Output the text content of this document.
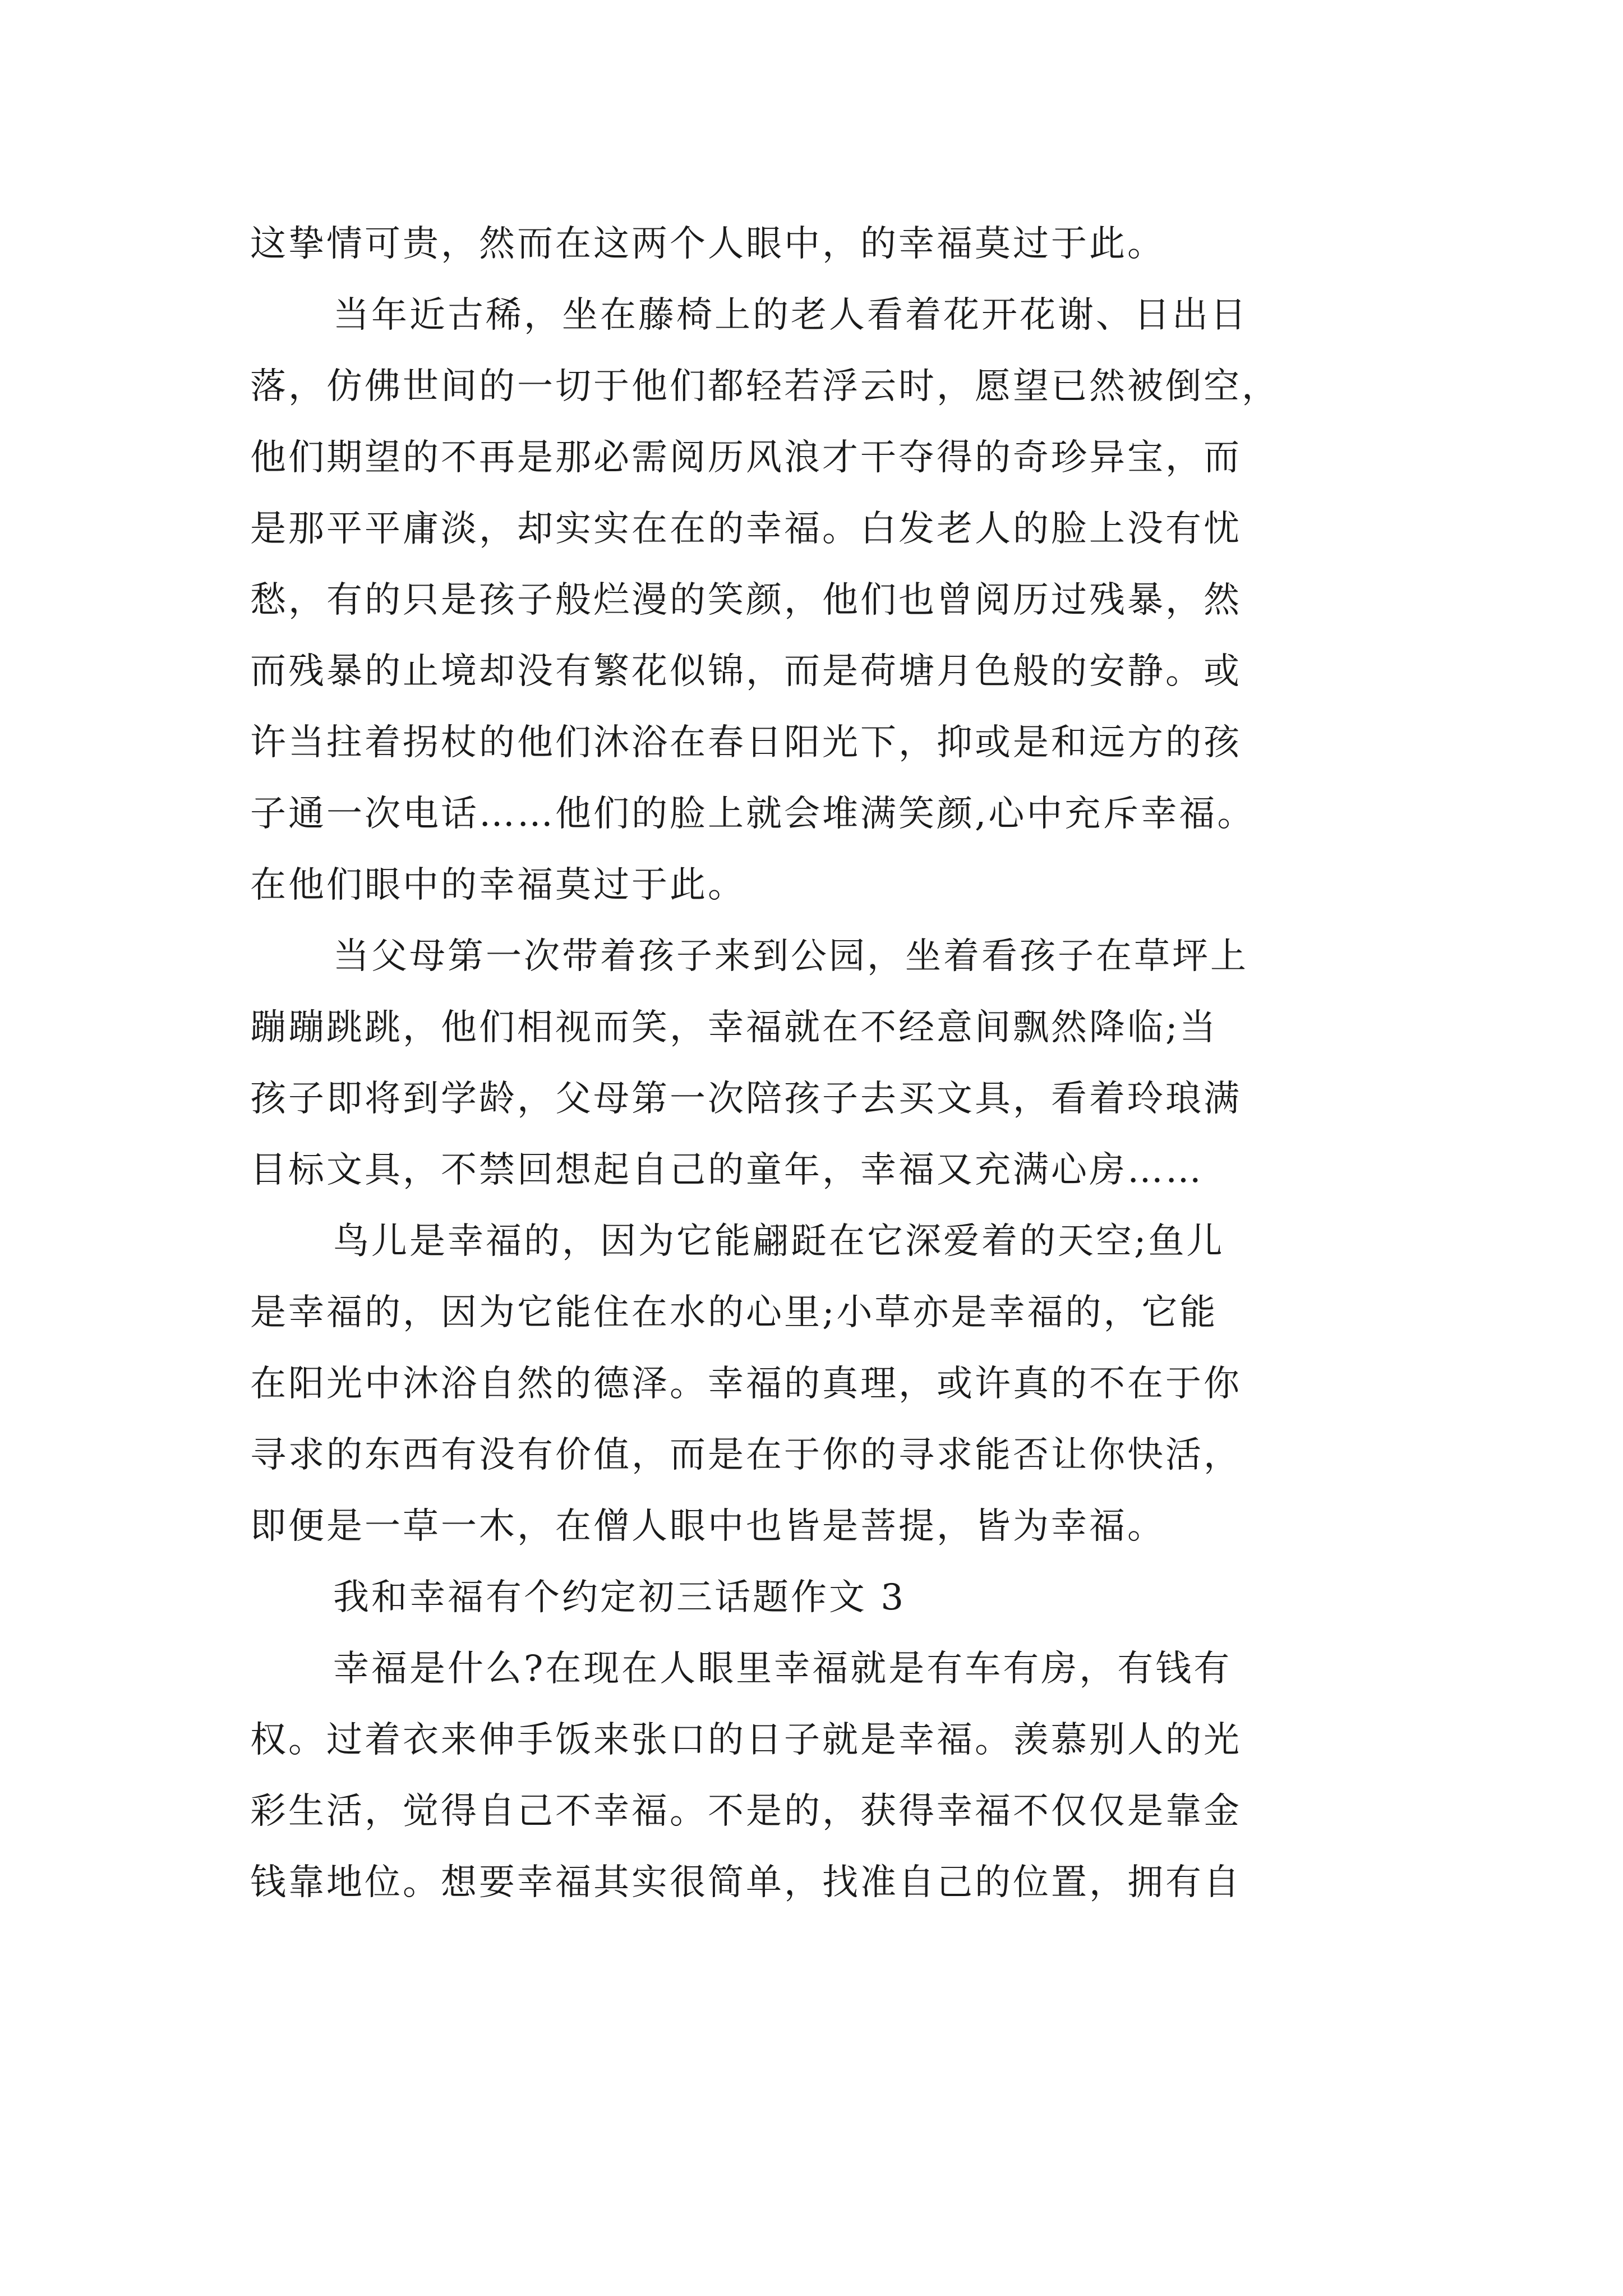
这挚情可贵，然而在这两个人眼中，的幸福莫过于此。
当年近古稀，坐在藤椅上的老人看着花开花谢、日出日
落，仿佛世间的一切于他们都轻若浮云时，愿望已然被倒空，
他们期望的不再是那必需阅历风浪才干夺得的奇珍异宝，而
是那平平庸淡，却实实在在的幸福。白发老人的脸上没有忧
愁，有的只是孩子般烂漫的笑颜，他们也曾阅历过残暴，然
而残暴的止境却没有繁花似锦，而是荷塘月色般的安静。或
许当拄着拐杖的他们沐浴在春日阳光下，抑或是和远方的孩
子通一次电话……他们的脸上就会堆满笑颜,心中充斥幸福。
在他们眼中的幸福莫过于此。
当父母第一次带着孩子来到公园，坐着看孩子在草坪上
蹦蹦跳跳，他们相视而笑，幸福就在不经意间飘然降临;当
孩子即将到学龄，父母第一次陪孩子去买文具，看着玲琅满
目标文具，不禁回想起自己的童年，幸福又充满心房……
鸟儿是幸福的，因为它能翩跹在它深爱着的天空;鱼儿
是幸福的，因为它能住在水的心里;小草亦是幸福的，它能
在阳光中沐浴自然的德泽。幸福的真理，或许真的不在于你
寻求的东西有没有价值，而是在于你的寻求能否让你快活，
即便是一草一木，在僧人眼中也皆是菩提，皆为幸福。
我和幸福有个约定初三话题作文 3
幸福是什么?在现在人眼里幸福就是有车有房，有钱有
权。过着衣来伸手饭来张口的日子就是幸福。羡慕别人的光
彩生活，觉得自己不幸福。不是的，获得幸福不仅仅是靠金
钱靠地位。想要幸福其实很简单，找准自己的位置，拥有自
